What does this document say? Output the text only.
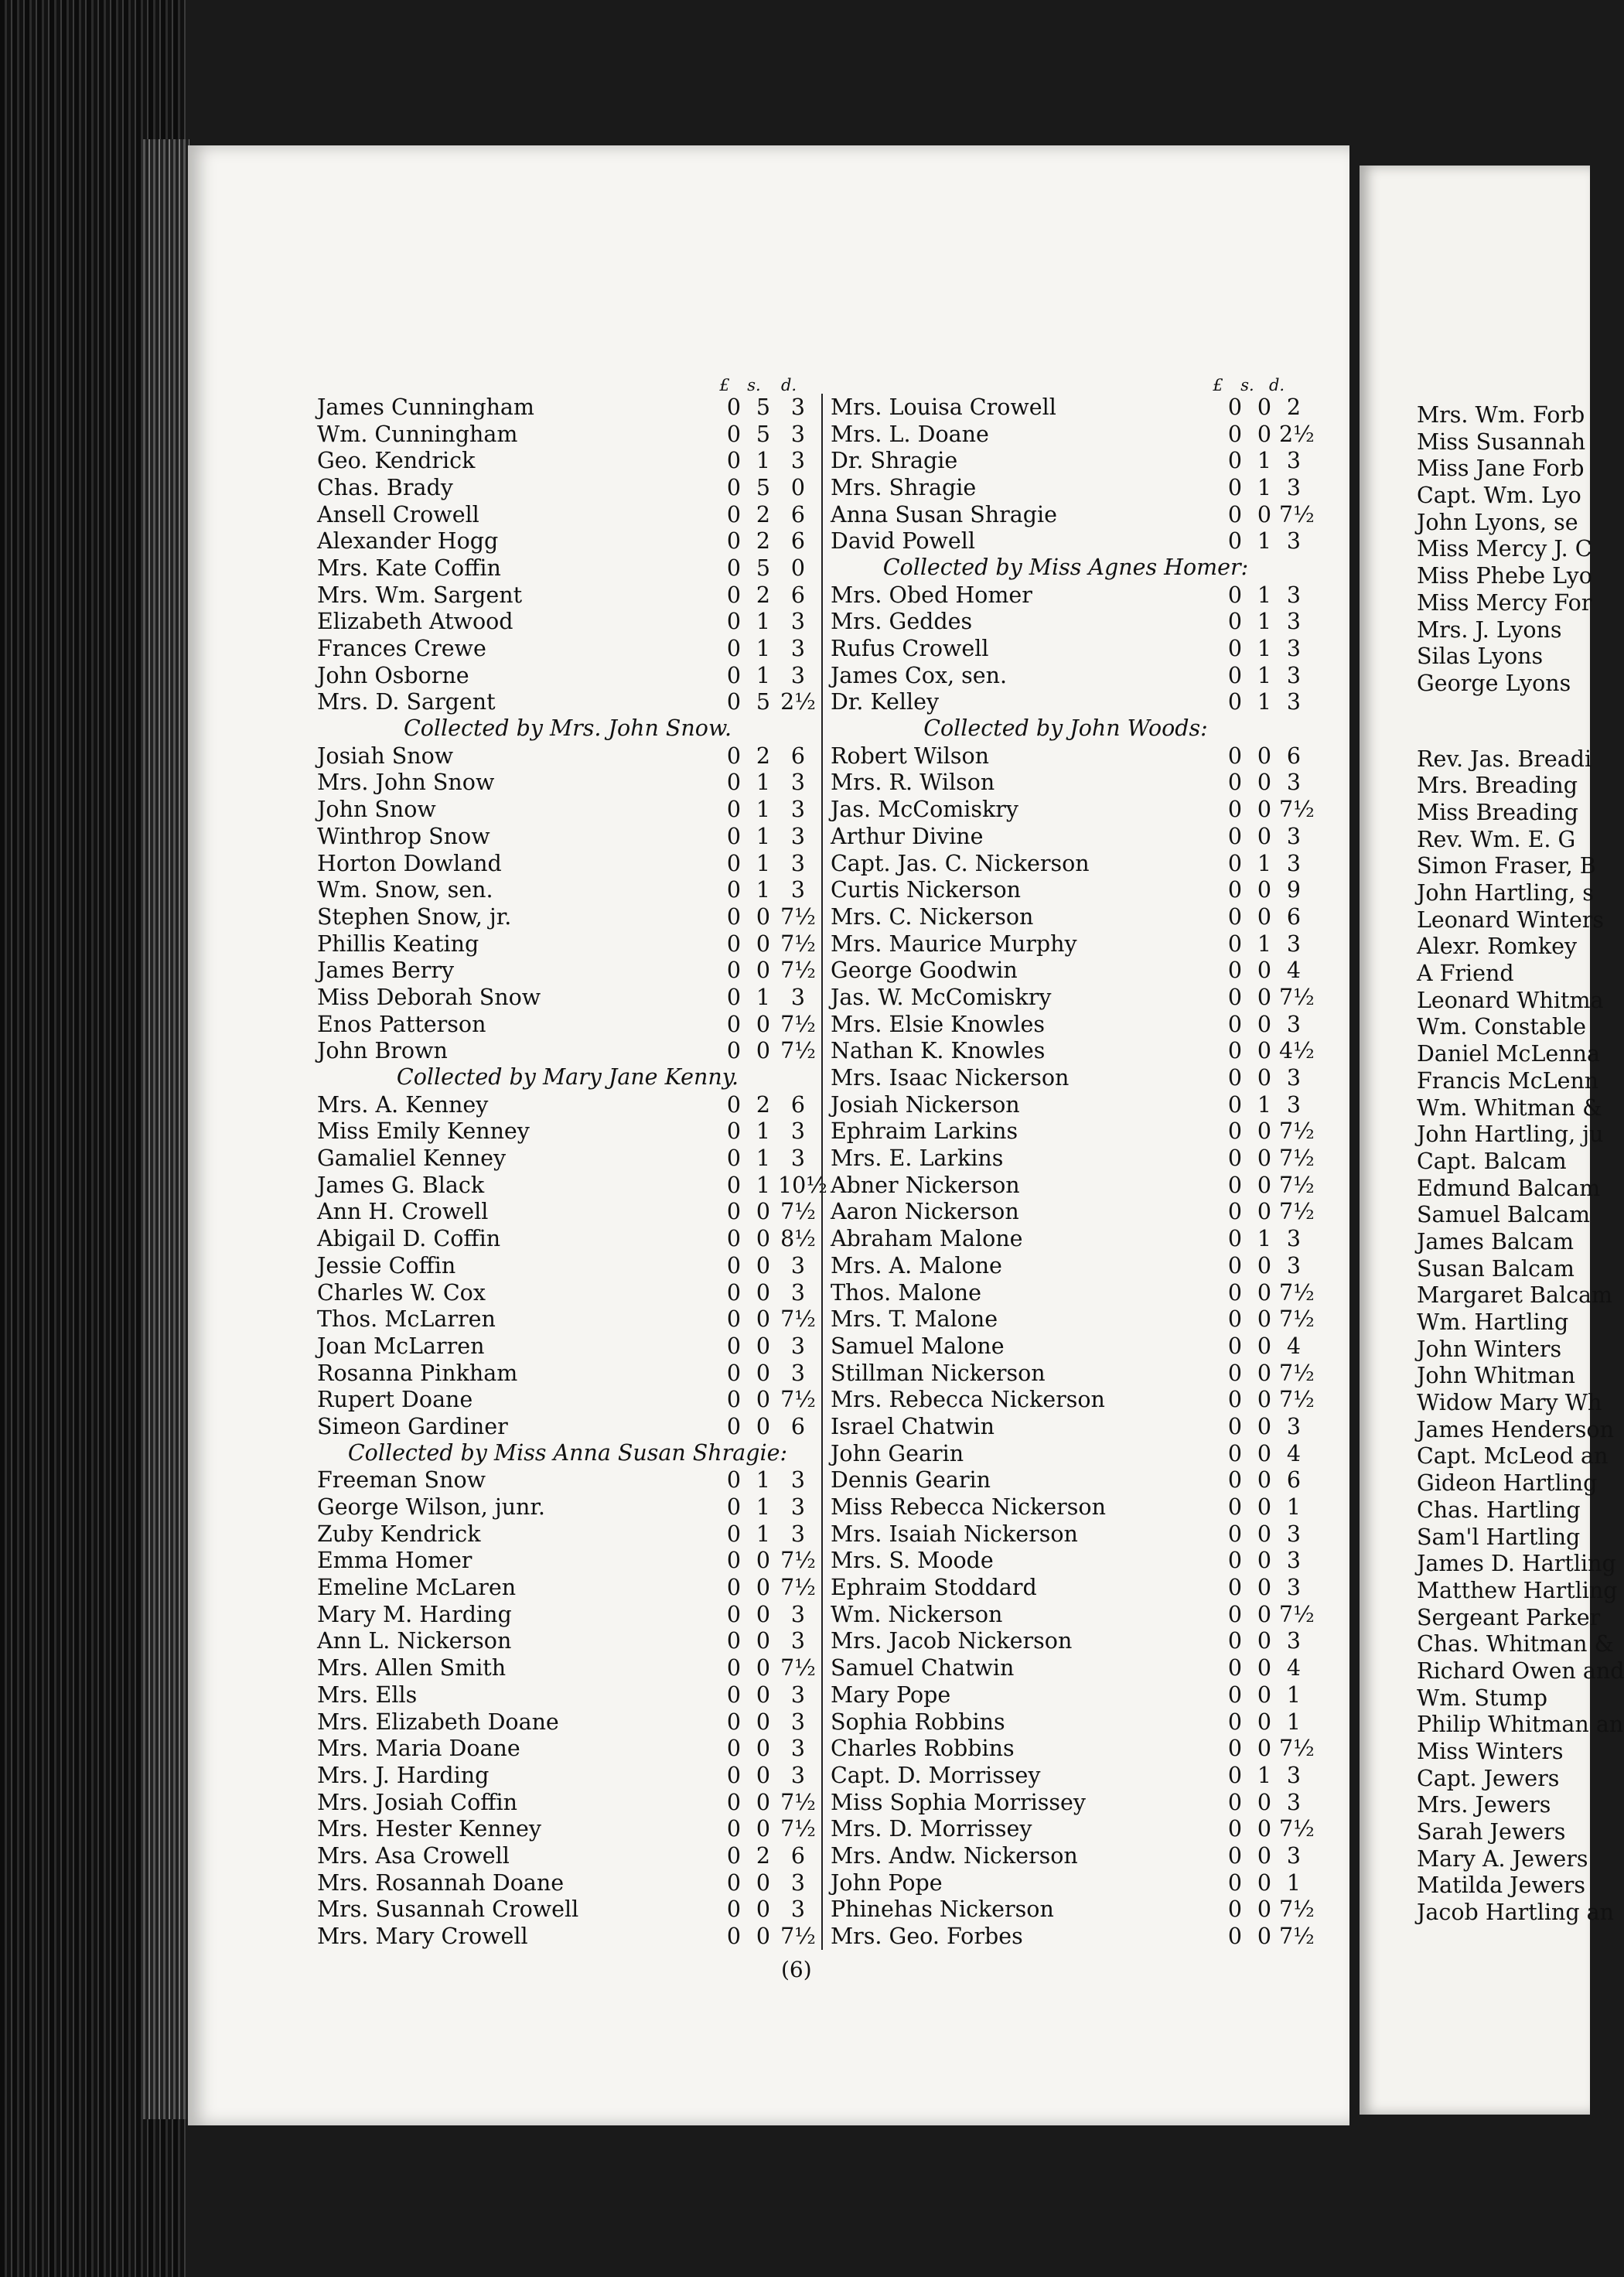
£ s. d.	£ s. d.
James Cunningham	0 5 3
Wm. Cunningham	0 5 3
Geo. Kendrick	0 1 3
Chas. Brady	0 5 0
Ansell Crowell	0 2 6
Alexander Hogg	0 2 6
Mrs. Kate Coffin	0 5 0
Mrs. Wm. Sargent	0 2 6
Elizabeth Atwood	0 1 3
Frances Crewe	0 1 3
John Osborne	0 1 3
Mrs. D. Sargent	0 5 2½
Collected by Mrs. John Snow.
Josiah Snow	0 2 6
Mrs. John Snow	0 1 3
John Snow	0 1 3
Winthrop Snow	0 1 3
Horton Dowland	0 1 3
Wm. Snow, sen.	0 1 3
Stephen Snow, jr.	0 0 7½
Phillis Keating	0 0 7½
James Berry	0 0 7½
Miss Deborah Snow	0 1 3
Enos Patterson	0 0 7½
John Brown	0 0 7½
Collected by Mary Jane Kenny.
Mrs. A. Kenney	0 2 6
Miss Emily Kenney	0 1 3
Gamaliel Kenney	0 1 3
James G. Black	0 1 10½
Ann H. Crowell	0 0 7½
Abigail D. Coffin	0 0 8½
Jessie Coffin	0 0 3
Charles W. Cox	0 0 3
Thos. McLarren	0 0 7½
Joan McLarren	0 0 3
Rosanna Pinkham	0 0 3
Rupert Doane	0 0 7½
Simeon Gardiner	0 0 6
Collected by Miss Anna Susan Shragie:
Freeman Snow	0 1 3
George Wilson, junr.	0 1 3
Zuby Kendrick	0 1 3
Emma Homer	0 0 7½
Emeline McLaren	0 0 7½
Mary M. Harding	0 0 3
Ann L. Nickerson	0 0 3
Mrs. Allen Smith	0 0 7½
Mrs. Ells	0 0 3
Mrs. Elizabeth Doane	0 0 3
Mrs. Maria Doane	0 0 3
Mrs. J. Harding	0 0 3
Mrs. Josiah Coffin	0 0 7½
Mrs. Hester Kenney	0 0 7½
Mrs. Asa Crowell	0 2 6
Mrs. Rosannah Doane	0 0 3
Mrs. Susannah Crowell	0 0 3
Mrs. Mary Crowell	0 0 7½
Mrs. Louisa Crowell	0 0 2
Mrs. L. Doane	0 0 2½
Dr. Shragie	0 1 3
Mrs. Shragie	0 1 3
Anna Susan Shragie	0 0 7½
David Powell	0 1 3
Collected by Miss Agnes Homer:
Mrs. Obed Homer	0 1 3
Mrs. Geddes	0 1 3
Rufus Crowell	0 1 3
James Cox, sen.	0 1 3
Dr. Kelley	0 1 3
Collected by John Woods:
Robert Wilson	0 0 6
Mrs. R. Wilson	0 0 3
Jas. McComiskry	0 0 7½
Arthur Divine	0 0 3
Capt. Jas. C. Nickerson	0 1 3
Curtis Nickerson	0 0 9
Mrs. C. Nickerson	0 0 6
Mrs. Maurice Murphy	0 1 3
George Goodwin	0 0 4
Jas. W. McComiskry	0 0 7½
Mrs. Elsie Knowles	0 0 3
Nathan K. Knowles	0 0 4½
Mrs. Isaac Nickerson	0 0 3
Josiah Nickerson	0 1 3
Ephraim Larkins	0 0 7½
Mrs. E. Larkins	0 0 7½
Abner Nickerson	0 0 7½
Aaron Nickerson	0 0 7½
Abraham Malone	0 1 3
Mrs. A. Malone	0 0 3
Thos. Malone	0 0 7½
Mrs. T. Malone	0 0 7½
Samuel Malone	0 0 4
Stillman Nickerson	0 0 7½
Mrs. Rebecca Nickerson	0 0 7½
Israel Chatwin	0 0 3
John Gearin	0 0 4
Dennis Gearin	0 0 6
Miss Rebecca Nickerson	0 0 1
Mrs. Isaiah Nickerson	0 0 3
Mrs. S. Moode	0 0 3
Ephraim Stoddard	0 0 3
Wm. Nickerson	0 0 7½
Mrs. Jacob Nickerson	0 0 3
Samuel Chatwin	0 0 4
Mary Pope	0 0 1
Sophia Robbins	0 0 1
Charles Robbins	0 0 7½
Capt. D. Morrissey	0 1 3
Miss Sophia Morrissey	0 0 3
Mrs. D. Morrissey	0 0 7½
Mrs. Andw. Nickerson	0 0 3
John Pope	0 0 1
Phinehas Nickerson	0 0 7½
Mrs. Geo. Forbes	0 0 7½
Mrs. Wm. Forb
Miss Susannah
Miss Jane Forb
Capt. Wm. Lyo
John Lyons, se
Miss Mercy J. C
Miss Phebe Lyo
Miss Mercy For
Mrs. J. Lyons
Silas Lyons
George Lyons
Rev. Jas. Breadi
Mrs. Breading
Miss Breading
Rev. Wm. E. G
Simon Fraser, B
John Hartling, s
Leonard Winters
Alexr. Romkey
A Friend
Leonard Whitma
Wm. Constable
Daniel McLenna
Francis McLenn
Wm. Whitman &
John Hartling, ju
Capt. Balcam
Edmund Balcam
Samuel Balcam
James Balcam
Susan Balcam
Margaret Balcam
Wm. Hartling
John Winters
John Whitman
Widow Mary Wh
James Henderson
Capt. McLeod an
Gideon Hartling
Chas. Hartling
Sam'l Hartling
James D. Hartling
Matthew Hartling
Sergeant Parker
Chas. Whitman &
Richard Owen and
Wm. Stump
Philip Whitman an
Miss Winters
Capt. Jewers
Mrs. Jewers
Sarah Jewers
Mary A. Jewers
Matilda Jewers
Jacob Hartling an
(6)
